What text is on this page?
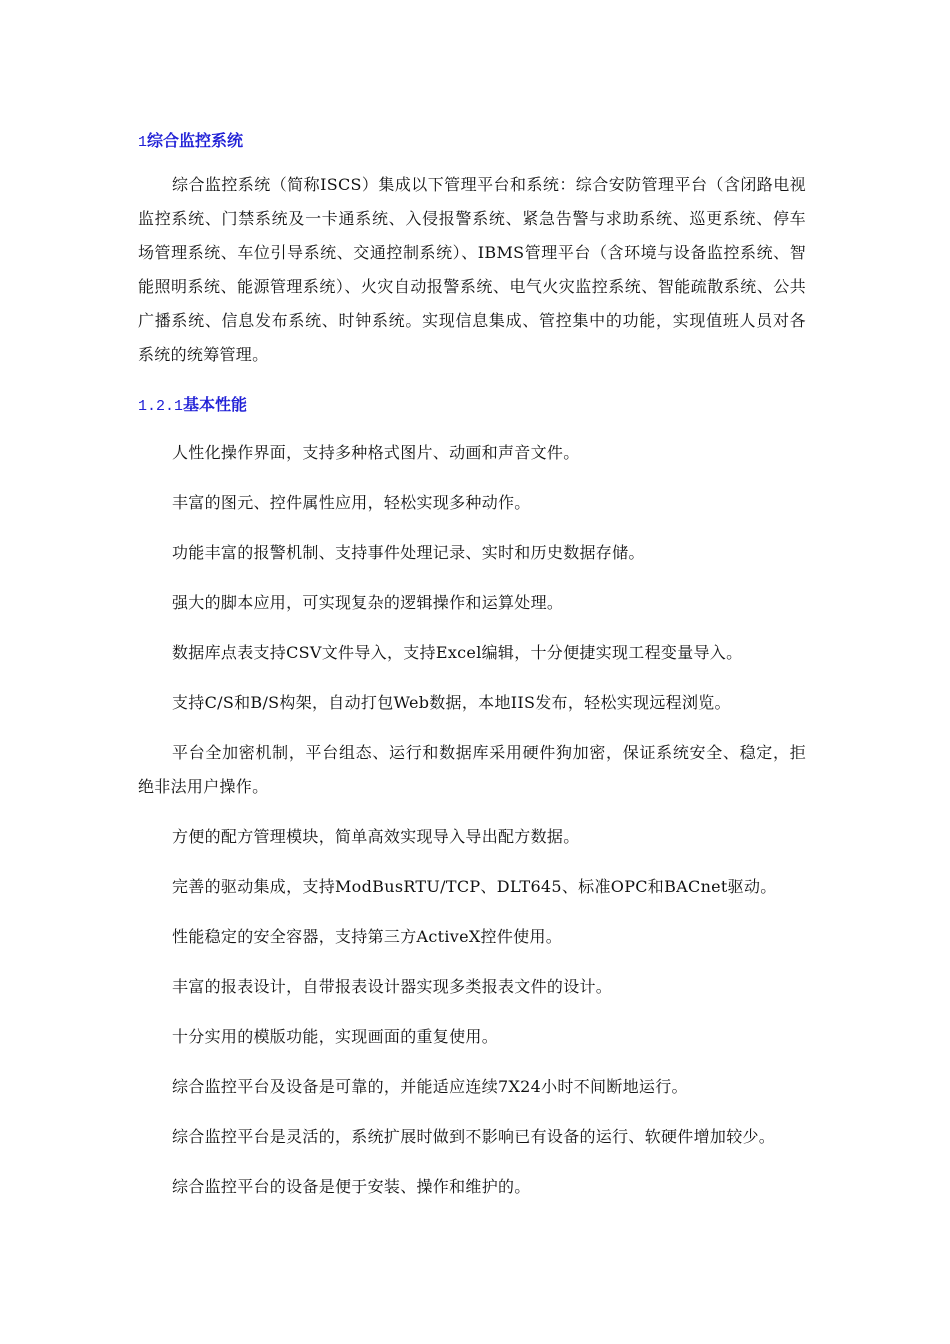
1综合监控系统

综合监控系统（简称ISCS）集成以下管理平台和系统：综合安防管理平台（含闭路电视监控系统、门禁系统及一卡通系统、入侵报警系统、紧急告警与求助系统、巡更系统、停车场管理系统、车位引导系统、交通控制系统）、IBMS管理平台（含环境与设备监控系统、智能照明系统、能源管理系统）、火灾自动报警系统、电气火灾监控系统、智能疏散系统、公共广播系统、信息发布系统、时钟系统。实现信息集成、管控集中的功能，实现值班人员对各系统的统筹管理。

1.2.1基本性能
人性化操作界面，支持多种格式图片、动画和声音文件。
丰富的图元、控件属性应用，轻松实现多种动作。
功能丰富的报警机制、支持事件处理记录、实时和历史数据存储。
强大的脚本应用，可实现复杂的逻辑操作和运算处理。
数据库点表支持CSV文件导入，支持Excel编辑，十分便捷实现工程变量导入。
支持C/S和B/S构架，自动打包Web数据，本地IIS发布，轻松实现远程浏览。
平台全加密机制，平台组态、运行和数据库采用硬件狗加密，保证系统安全、稳定，拒绝非法用户操作。
方便的配方管理模块，简单高效实现导入导出配方数据。
完善的驱动集成，支持ModBusRTU/TCP、DLT645、标准OPC和BACnet驱动。
性能稳定的安全容器，支持第三方ActiveX控件使用。
丰富的报表设计，自带报表设计器实现多类报表文件的设计。
十分实用的模版功能，实现画面的重复使用。
综合监控平台及设备是可靠的，并能适应连续7X24小时不间断地运行。
综合监控平台是灵活的，系统扩展时做到不影响已有设备的运行、软硬件增加较少。
综合监控平台的设备是便于安装、操作和维护的。
